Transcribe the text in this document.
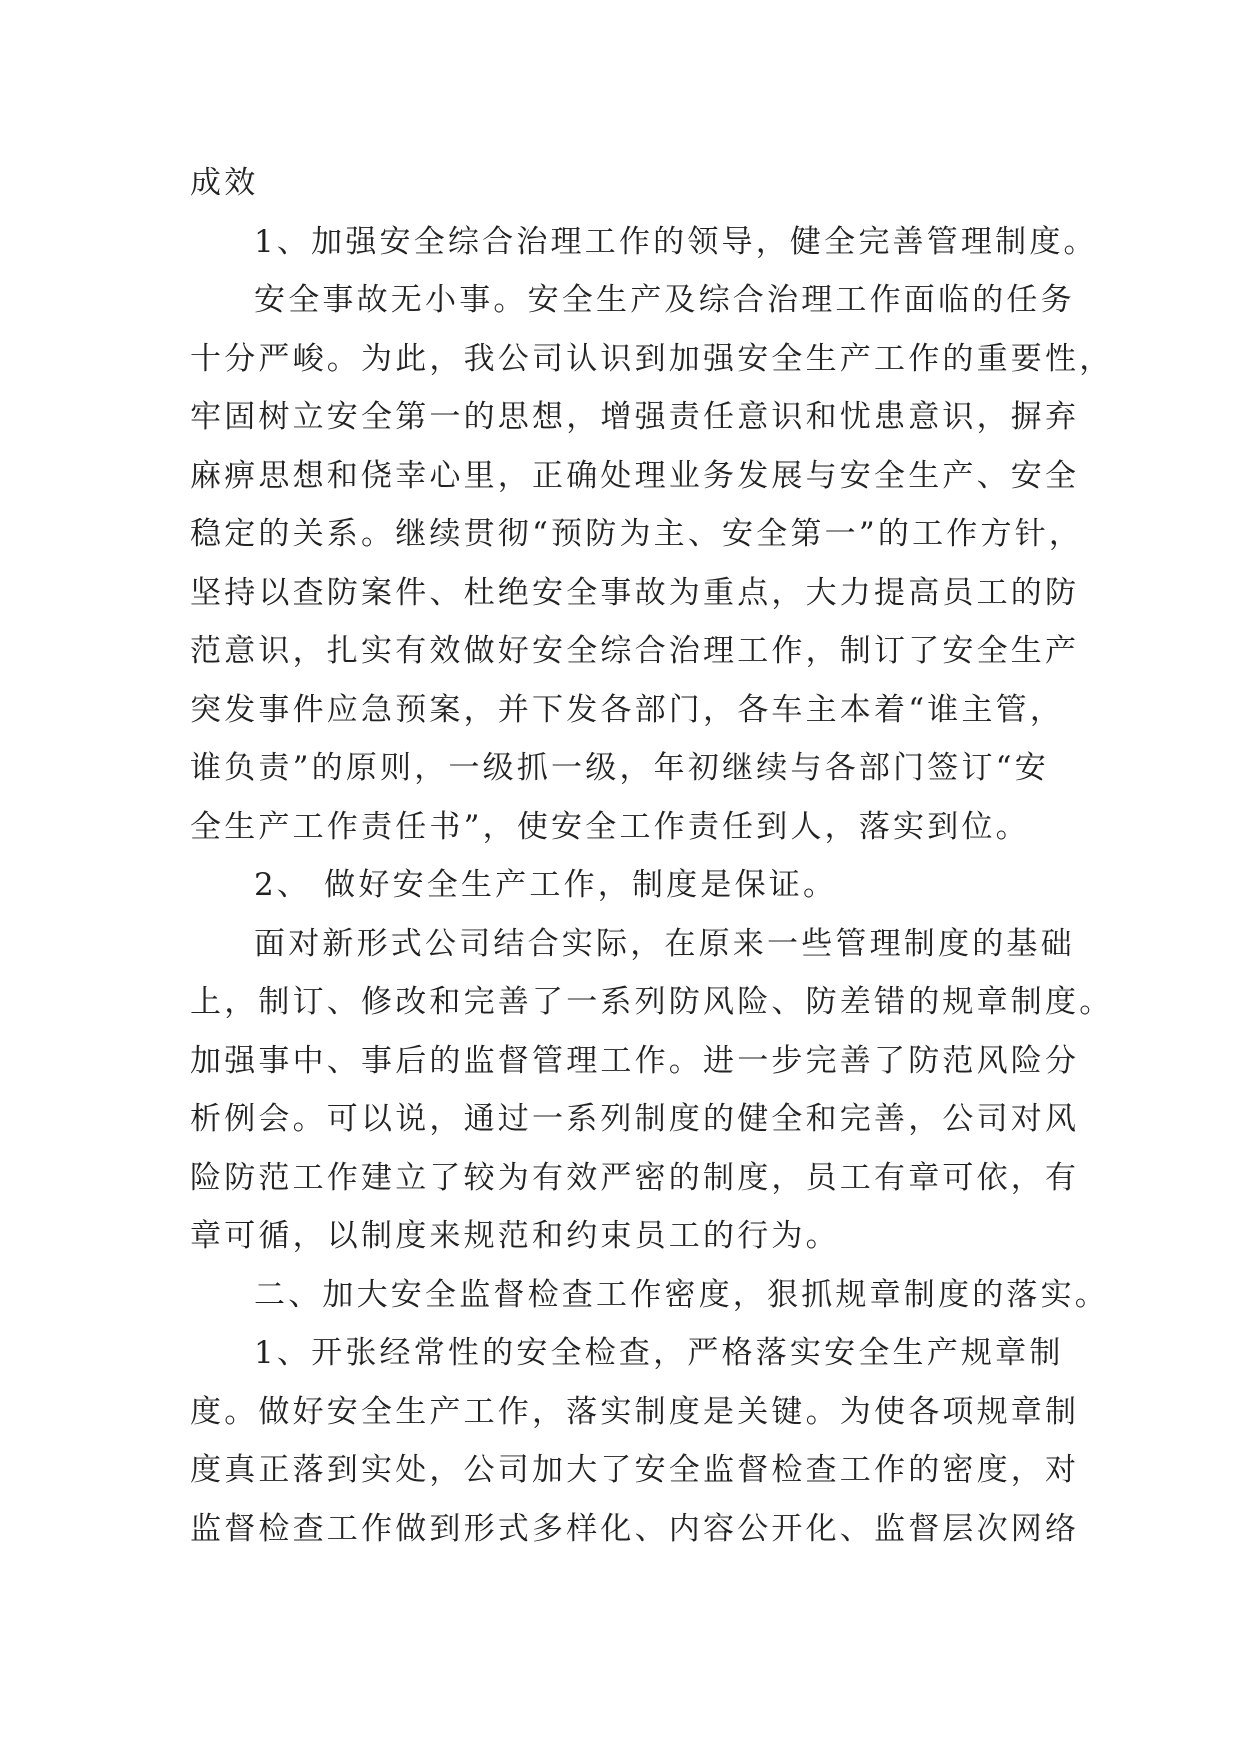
成效
1、加强安全综合治理工作的领导，健全完善管理制度。
安全事故无小事。安全生产及综合治理工作面临的任务
十分严峻。为此，我公司认识到加强安全生产工作的重要性，
牢固树立安全第一的思想，增强责任意识和忧患意识，摒弃
麻痹思想和侥幸心里，正确处理业务发展与安全生产、安全
稳定的关系。继续贯彻“预防为主、安全第一”的工作方针，
坚持以查防案件、杜绝安全事故为重点，大力提高员工的防
范意识，扎实有效做好安全综合治理工作，制订了安全生产
突发事件应急预案，并下发各部门，各车主本着“谁主管，
谁负责”的原则，一级抓一级，年初继续与各部门签订“安
全生产工作责任书”，使安全工作责任到人，落实到位。
2、 做好安全生产工作，制度是保证。
面对新形式公司结合实际，在原来一些管理制度的基础
上，制订、修改和完善了一系列防风险、防差错的规章制度。
加强事中、事后的监督管理工作。进一步完善了防范风险分
析例会。可以说，通过一系列制度的健全和完善，公司对风
险防范工作建立了较为有效严密的制度，员工有章可依，有
章可循，以制度来规范和约束员工的行为。
二、加大安全监督检查工作密度，狠抓规章制度的落实。
1、开张经常性的安全检查，严格落实安全生产规章制
度。做好安全生产工作，落实制度是关键。为使各项规章制
度真正落到实处，公司加大了安全监督检查工作的密度，对
监督检查工作做到形式多样化、内容公开化、监督层次网络
